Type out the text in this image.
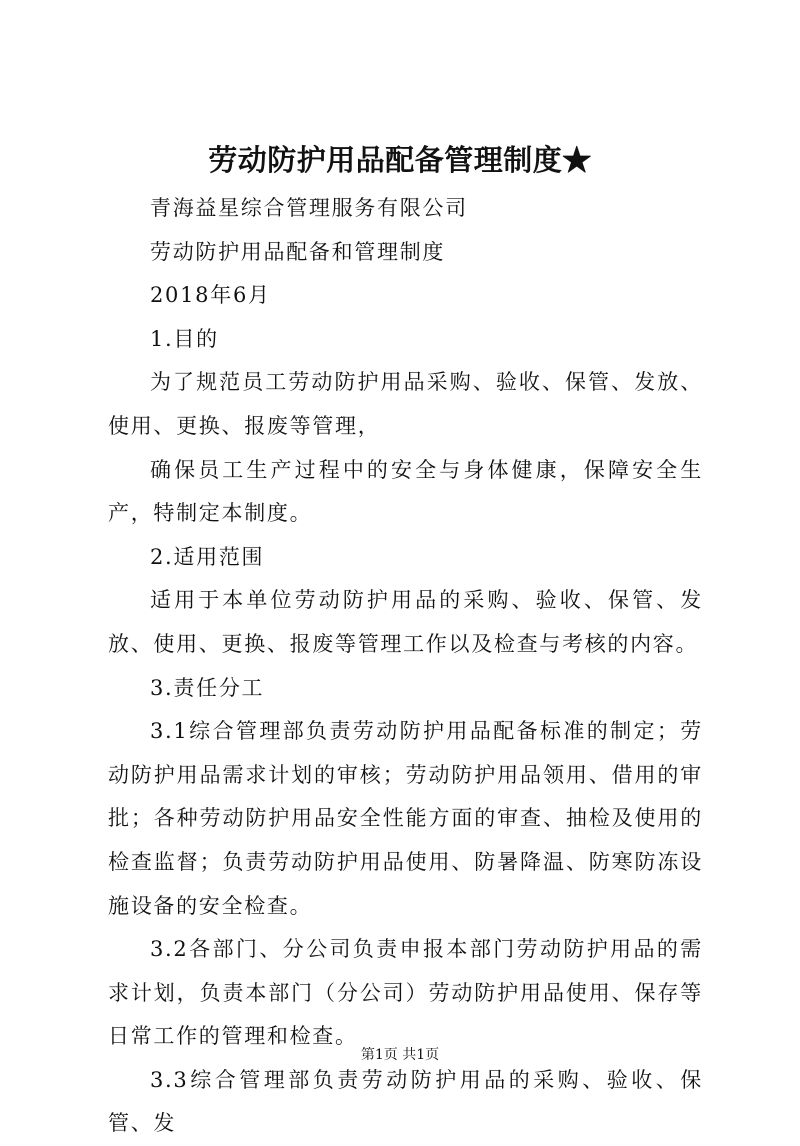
劳动防护用品配备管理制度★

青海益星综合管理服务有限公司

劳动防护用品配备和管理制度

2018年6月

1.目的

为了规范员工劳动防护用品采购、验收、保管、发放、使用、更换、报废等管理，

确保员工生产过程中的安全与身体健康，保障安全生产，特制定本制度。

2.适用范围

适用于本单位劳动防护用品的采购、验收、保管、发放、使用、更换、报废等管理工作以及检查与考核的内容。

3.责任分工

3.1综合管理部负责劳动防护用品配备标准的制定；劳动防护用品需求计划的审核；劳动防护用品领用、借用的审批；各种劳动防护用品安全性能方面的审查、抽检及使用的检查监督；负责劳动防护用品使用、防暑降温、防寒防冻设施设备的安全检查。

3.2各部门、分公司负责申报本部门劳动防护用品的需求计划，负责本部门（分公司）劳动防护用品使用、保存等日常工作的管理和检查。

3.3综合管理部负责劳动防护用品的采购、验收、保管、发

第1页 共1页
